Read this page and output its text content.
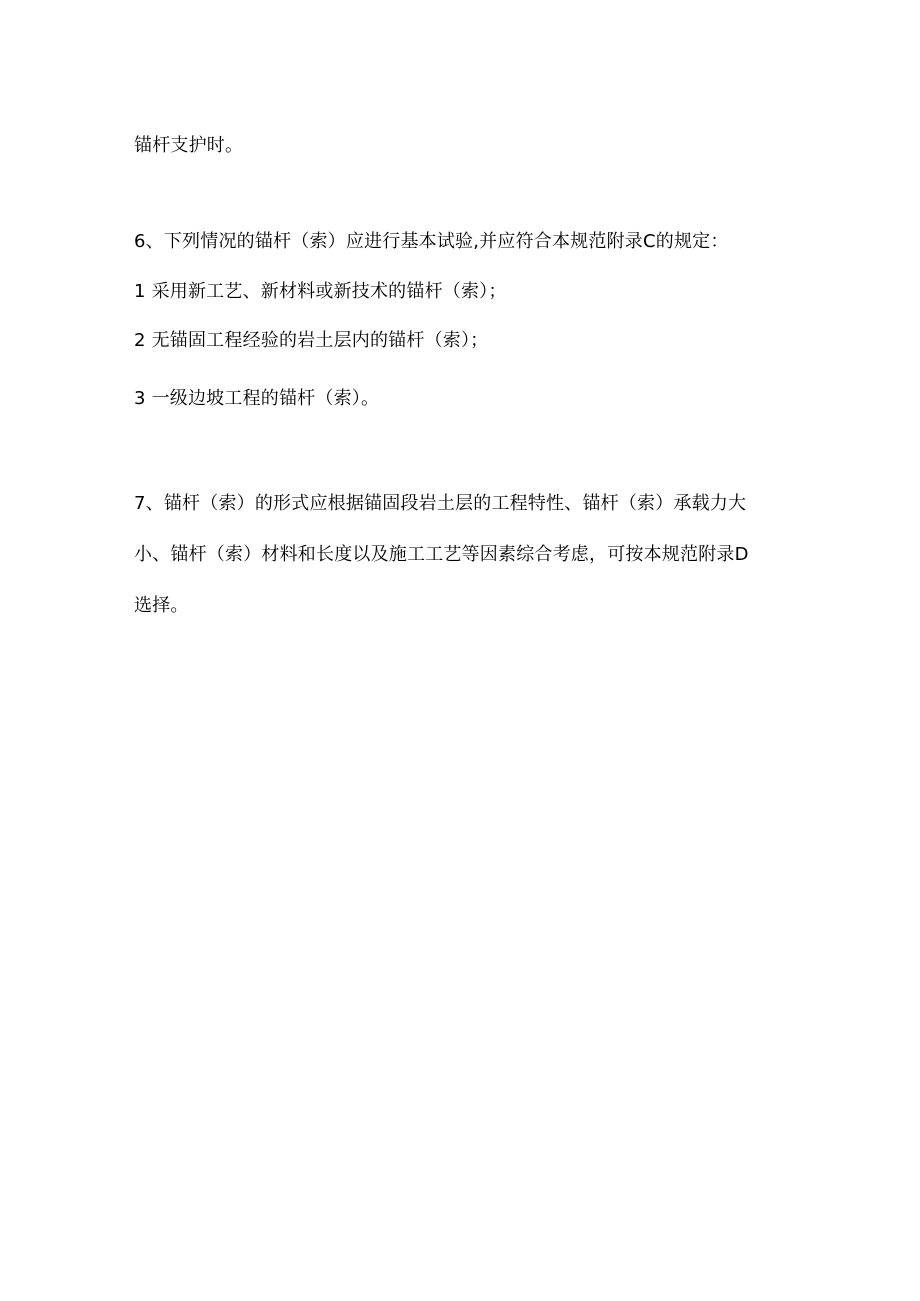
锚杆支护时。
6、下列情况的锚杆（索）应进行基本试验,并应符合本规范附录C的规定：
1 采用新工艺、新材料或新技术的锚杆（索）；
2 无锚固工程经验的岩土层内的锚杆（索）；
3 一级边坡工程的锚杆（索）。
7、锚杆（索）的形式应根据锚固段岩土层的工程特性、锚杆（索）承载力大
小、锚杆（索）材料和长度以及施工工艺等因素综合考虑，可按本规范附录D
选择。
